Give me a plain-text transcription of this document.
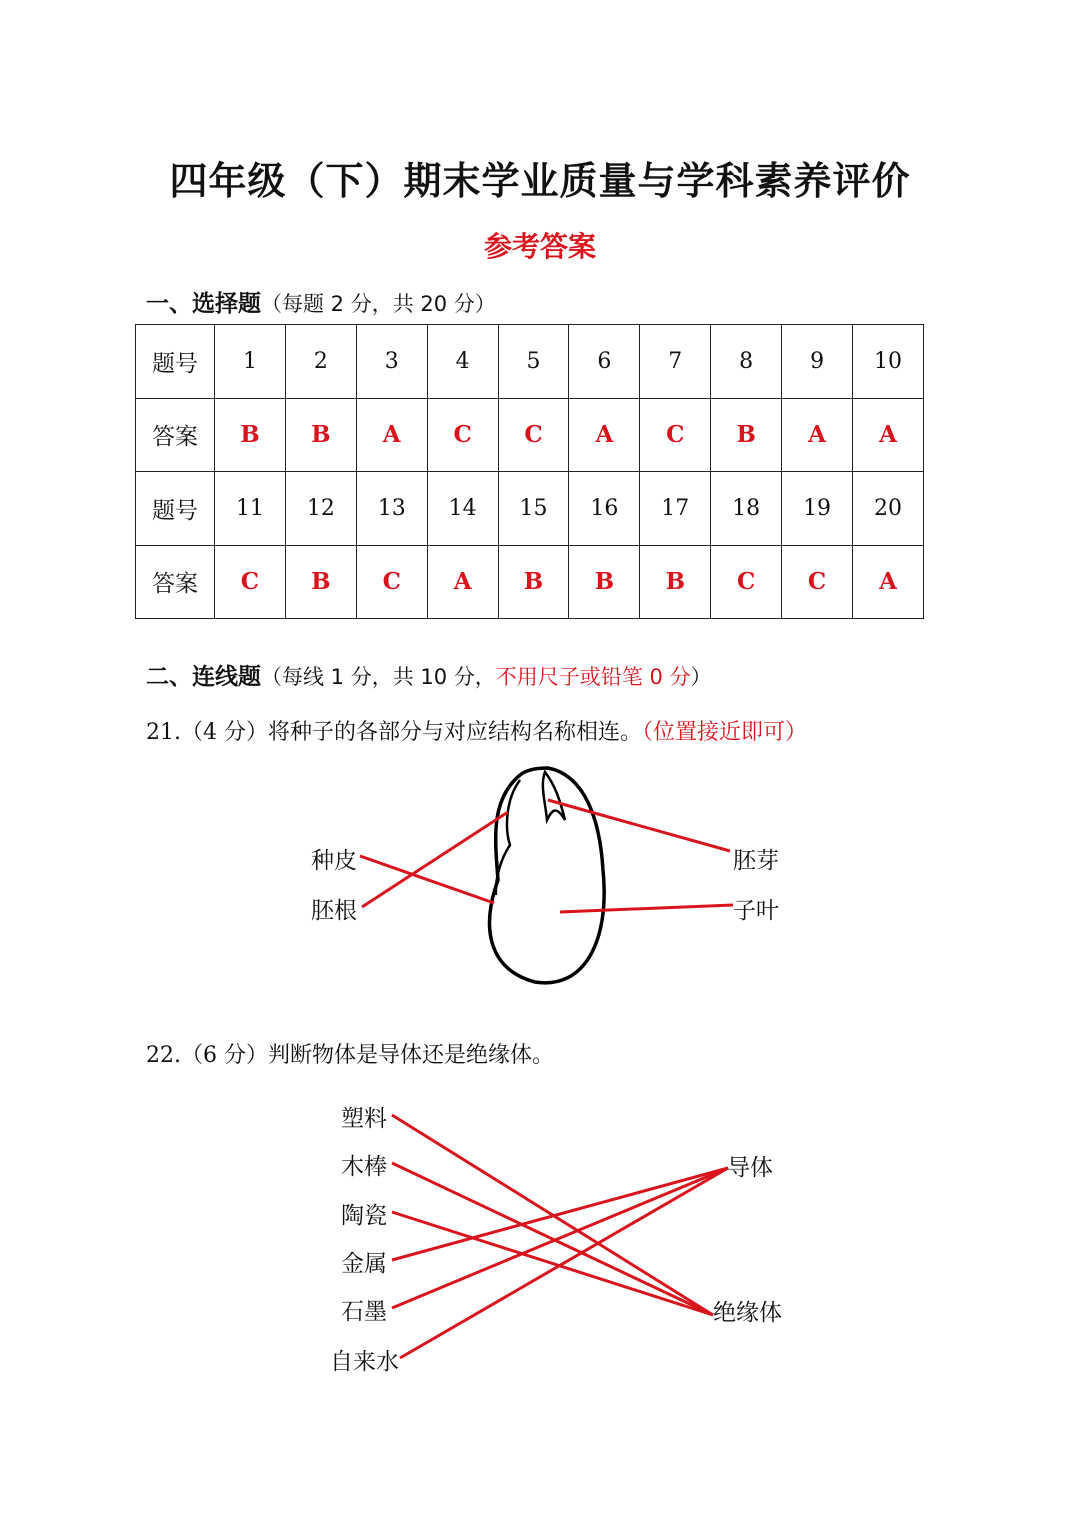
四年级（下）期末学业质量与学科素养评价
参考答案
一、选择题（每题 2 分，共 20 分）
题号	1	2	3	4	5	6	7	8	9	10
答案	B	B	A	C	C	A	C	B	A	A
题号	11	12	13	14	15	16	17	18	19	20
答案	C	B	C	A	B	B	B	C	C	A
二、连线题（每线 1 分，共 10 分，不用尺子或铅笔 0 分）
21.（4 分）将种子的各部分与对应结构名称相连。（位置接近即可）
种皮
胚根
胚芽
子叶
22.（6 分）判断物体是导体还是绝缘体。
塑料
木棒
陶瓷
金属
石墨
自来水
导体
绝缘体
